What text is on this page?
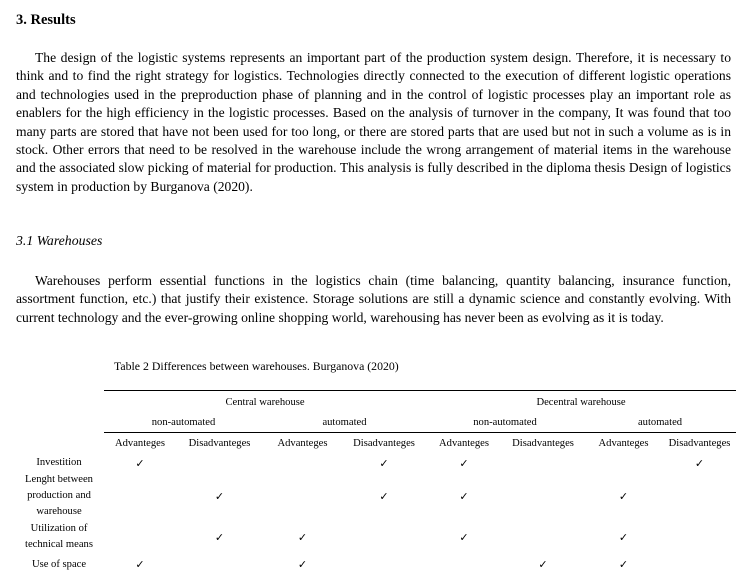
3. Results

The design of the logistic systems represents an important part of the production system design. Therefore, it is necessary to think and to find the right strategy for logistics. Technologies directly connected to the execution of different logistic operations and technologies used in the preproduction phase of planning and in the control of logistic processes play an important role as enablers for the high efficiency in the logistic processes. Based on the analysis of turnover in the company, It was found that too many parts are stored that have not been used for too long, or there are stored parts that are used but not in such a volume as is in stock. Other errors that need to be resolved in the warehouse include the wrong arrangement of material items in the warehouse and the associated slow picking of material for production. This analysis is fully described in the diploma thesis Design of logistics system in production by Burganova (2020).

3.1 Warehouses

Warehouses perform essential functions in the logistics chain (time balancing, quantity balancing, insurance function, assortment function, etc.) that justify their existence. Storage solutions are still a dynamic science and constantly evolving. With current technology and the ever-growing online shopping world, warehousing has never been as evolving as it is today.

Table 2 Differences between warehouses. Burganova (2020)

	Central warehouse				Decentral warehouse			
	non-automated		automated		non-automated		automated	
	Advanteges	Disadvanteges	Advanteges	Disadvanteges	Advanteges	Disadvanteges	Advanteges	Disadvanteges
Investition	✓			✓	✓			✓
Lenght between production and warehouse		✓		✓	✓		✓	
Utilization of technical means		✓	✓		✓		✓	
Use of space	✓		✓			✓	✓	
